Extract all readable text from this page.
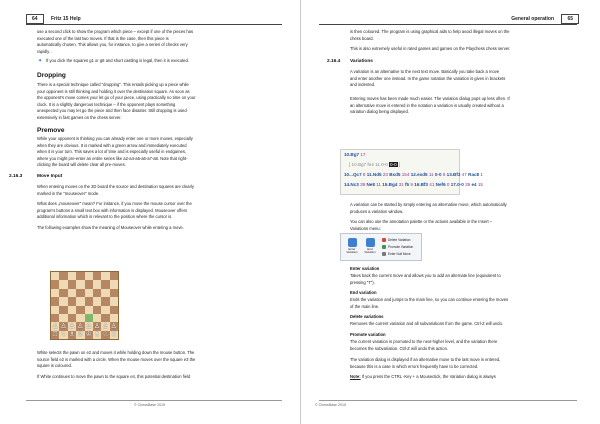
64	Fritz 15 Help

use a second click to show the program which piece – except if one of the pieces has

executed one of the last two moves. If that is the case, then this piece is

automatically chosen. This allows you, for instance, to give a series of checks very

rapidly. .

✦ If you click the squares g1 or g8 and short castling is legal, then it is executed.

Dropping

There is a special technique called "dropping". This entails picking up a piece while

your opponent is still thinking and holding it over the destination square. As soon as

the opponent's move comes your let go of your piece, using practically no time on your

clock. It is a slightly dangerous technique – if the opponent plays something

unexpected you may let go the piece and then face disaster. Still dropping is used

extensively in fast games on the chess server.

Premove

While your opponent is thinking you can already enter one or more moves, especially

when they are obvious. It is marked with a green arrow and immediately executed

when it is your turn. This saves a lot of time and is especially useful in endgames,

where you might pre-enter an entire series like a2-a4-a5-a6-a7-a8. Note that right-

clicking the board will delete clear all pre-moves.

2.16.3	Move Input

When entering moves on the 2D board the source and destination squares are clearly

marked in the "mouseover" mode.

What does „mouseover" mean? For instance, if you move the mouse cursor over the

program's buttons a small text box with information is displayed. Mouseover offers

additional information which is relevant to the position where the cursor is.

The following examples show the meaning of Mouseover while entering a move.

♙ ♙ ♙ ♙ ♙ ♙ ♙ ♙
♖ ♘ ♗ ♕ ♔ ♗ ♘ ♖

White selects the pawn on e2 and moves it while holding down the mouse button. The

source field e2 is marked with a circle. When the mouse moves over the square e3 the

square is coloured.

If White continues to move the pawn to the square e4, this potential destination field

© ChessBase 2015
General operation	65

is then coloured. The program is using graphical aids to help avoid illegal moves on the

chess board.

This is also extremely useful in rated games and games on the Playchess chess server.

2.16.4 Variations

A variation is an alternative to the next text move. Basically you take back a move

and enter another one instead. In the game notation the variation is given in brackets

and indented.

Entering moves has been made much easier. The variation dialog pops up less often. If

an alternative move is entered in the notation a variation is usually created without a

variation dialog being displayed.

10.Bg7 17
[ 10.Bg7 fe4 11.0-0 0-0 ]
10...Qc7 8 11.Nd5 23 Bxd5 154 12.exd5 11 0-0 5 13.Bf3 47 Rac8 1
14.Nc3 39 Ne8 11 15.Bg4 31 f5 9 16.Bf3 41 Nef6 0 17.0-0 39 e4 15

A variation can be started by simply entering an alternative move, which automatically

produces a variation window.

You can also use the annotation palette or the actions available in the Insert –

Variations menu:

Enter Variation
End Variation
Delete Variation
Promote Variation
Enter Null Move

Enter variation

Takes back the current move and allows you to add an alternate line (equivalent to

pressing "T").

End variation

Ends the variation and jumps to the main line, so you can continue entering the moves

of the main line.

Delete variations

Removes the current variation and all subvariations from the game. Ctrl-Z will undo.

Promote variation

The current variation is promoted to the next-higher level, and the variation there

becomes the subvariation. Ctrl-Z will undo this action.

The variation dialog is displayed if an alternative move to the last move is entered,

because this is a case in which errors frequently have to be corrected.

Note: If you press the CTRL -Key + a Mousectick, the Variation dialog is always

© ChessBase 2015
